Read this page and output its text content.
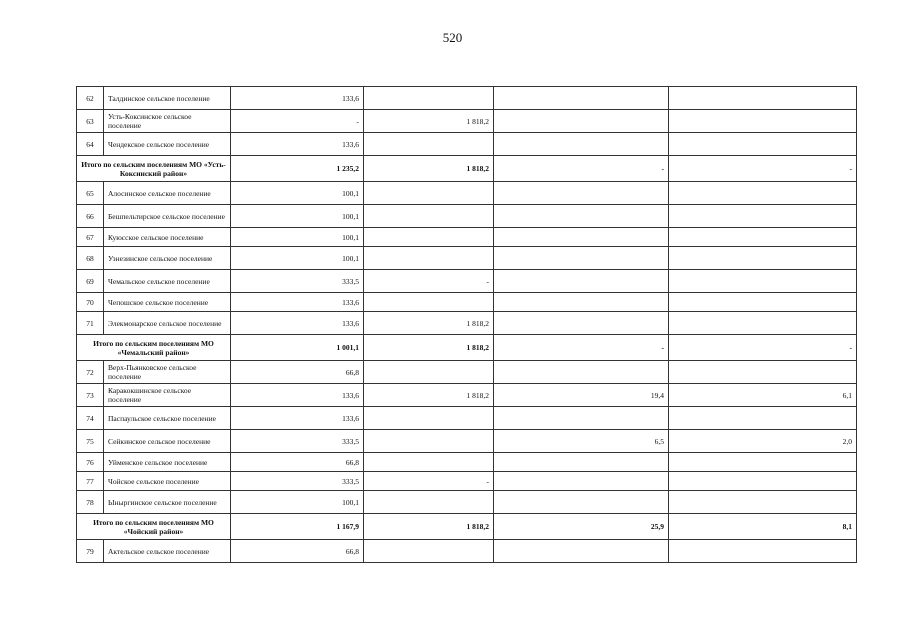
520
62	Талдинское сельское поселение	133,6			
63	Усть-Коксинское сельское поселение	-	1 818,2		
64	Чендекское сельское поселение	133,6			
Итого по сельским поселениям МО «Усть-Коксинский район»		1 235,2	1 818,2	-	-
65	Алосинское сельское поселение	100,1			
66	Бешпельтирское сельское поселение	100,1			
67	Куюсское сельское поселение	100,1			
68	Узнезинское сельское поселение	100,1			
69	Чемальское сельское поселение	333,5	-		
70	Чепошское сельское поселение	133,6			
71	Элекмонарское сельское поселение	133,6	1 818,2		
Итого по сельским поселениям МО «Чемальский район»		1 001,1	1 818,2	-	-
72	Верх-Пьянковское сельское поселение	66,8			
73	Каракокшинское сельское поселение	133,6	1 818,2	19,4	6,1
74	Паспаульское сельское поселение	133,6			
75	Сейкинское сельское поселение	333,5		6,5	2,0
76	Уйменское сельское поселение	66,8			
77	Чойское сельское поселение	333,5	-		
78	Ыныргинское сельское поселение	100,1			
Итого по сельским поселениям МО «Чойский район»		1 167,9	1 818,2	25,9	8,1
79	Актельское сельское поселение	66,8			
